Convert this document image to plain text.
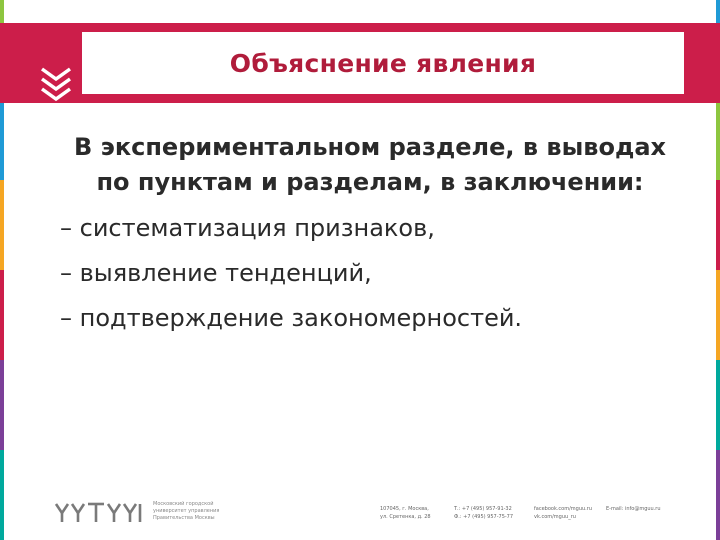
Объяснение явления

В экспериментальном разделе, в выводах по пунктам и разделам, в заключении:

– систематизация признаков,
– выявление тенденций,
– подтверждение закономерностей.
Московский городской университет управления Правительства Москвы
107045, г. Москва,
ул. Сретенка, д. 28
Т.: +7 (495) 957-91-32
Ф.: +7 (495) 957-75-77
facebook.com/mguu.ru
vk.com/mguu_ru
E-mail: info@mguu.ru
